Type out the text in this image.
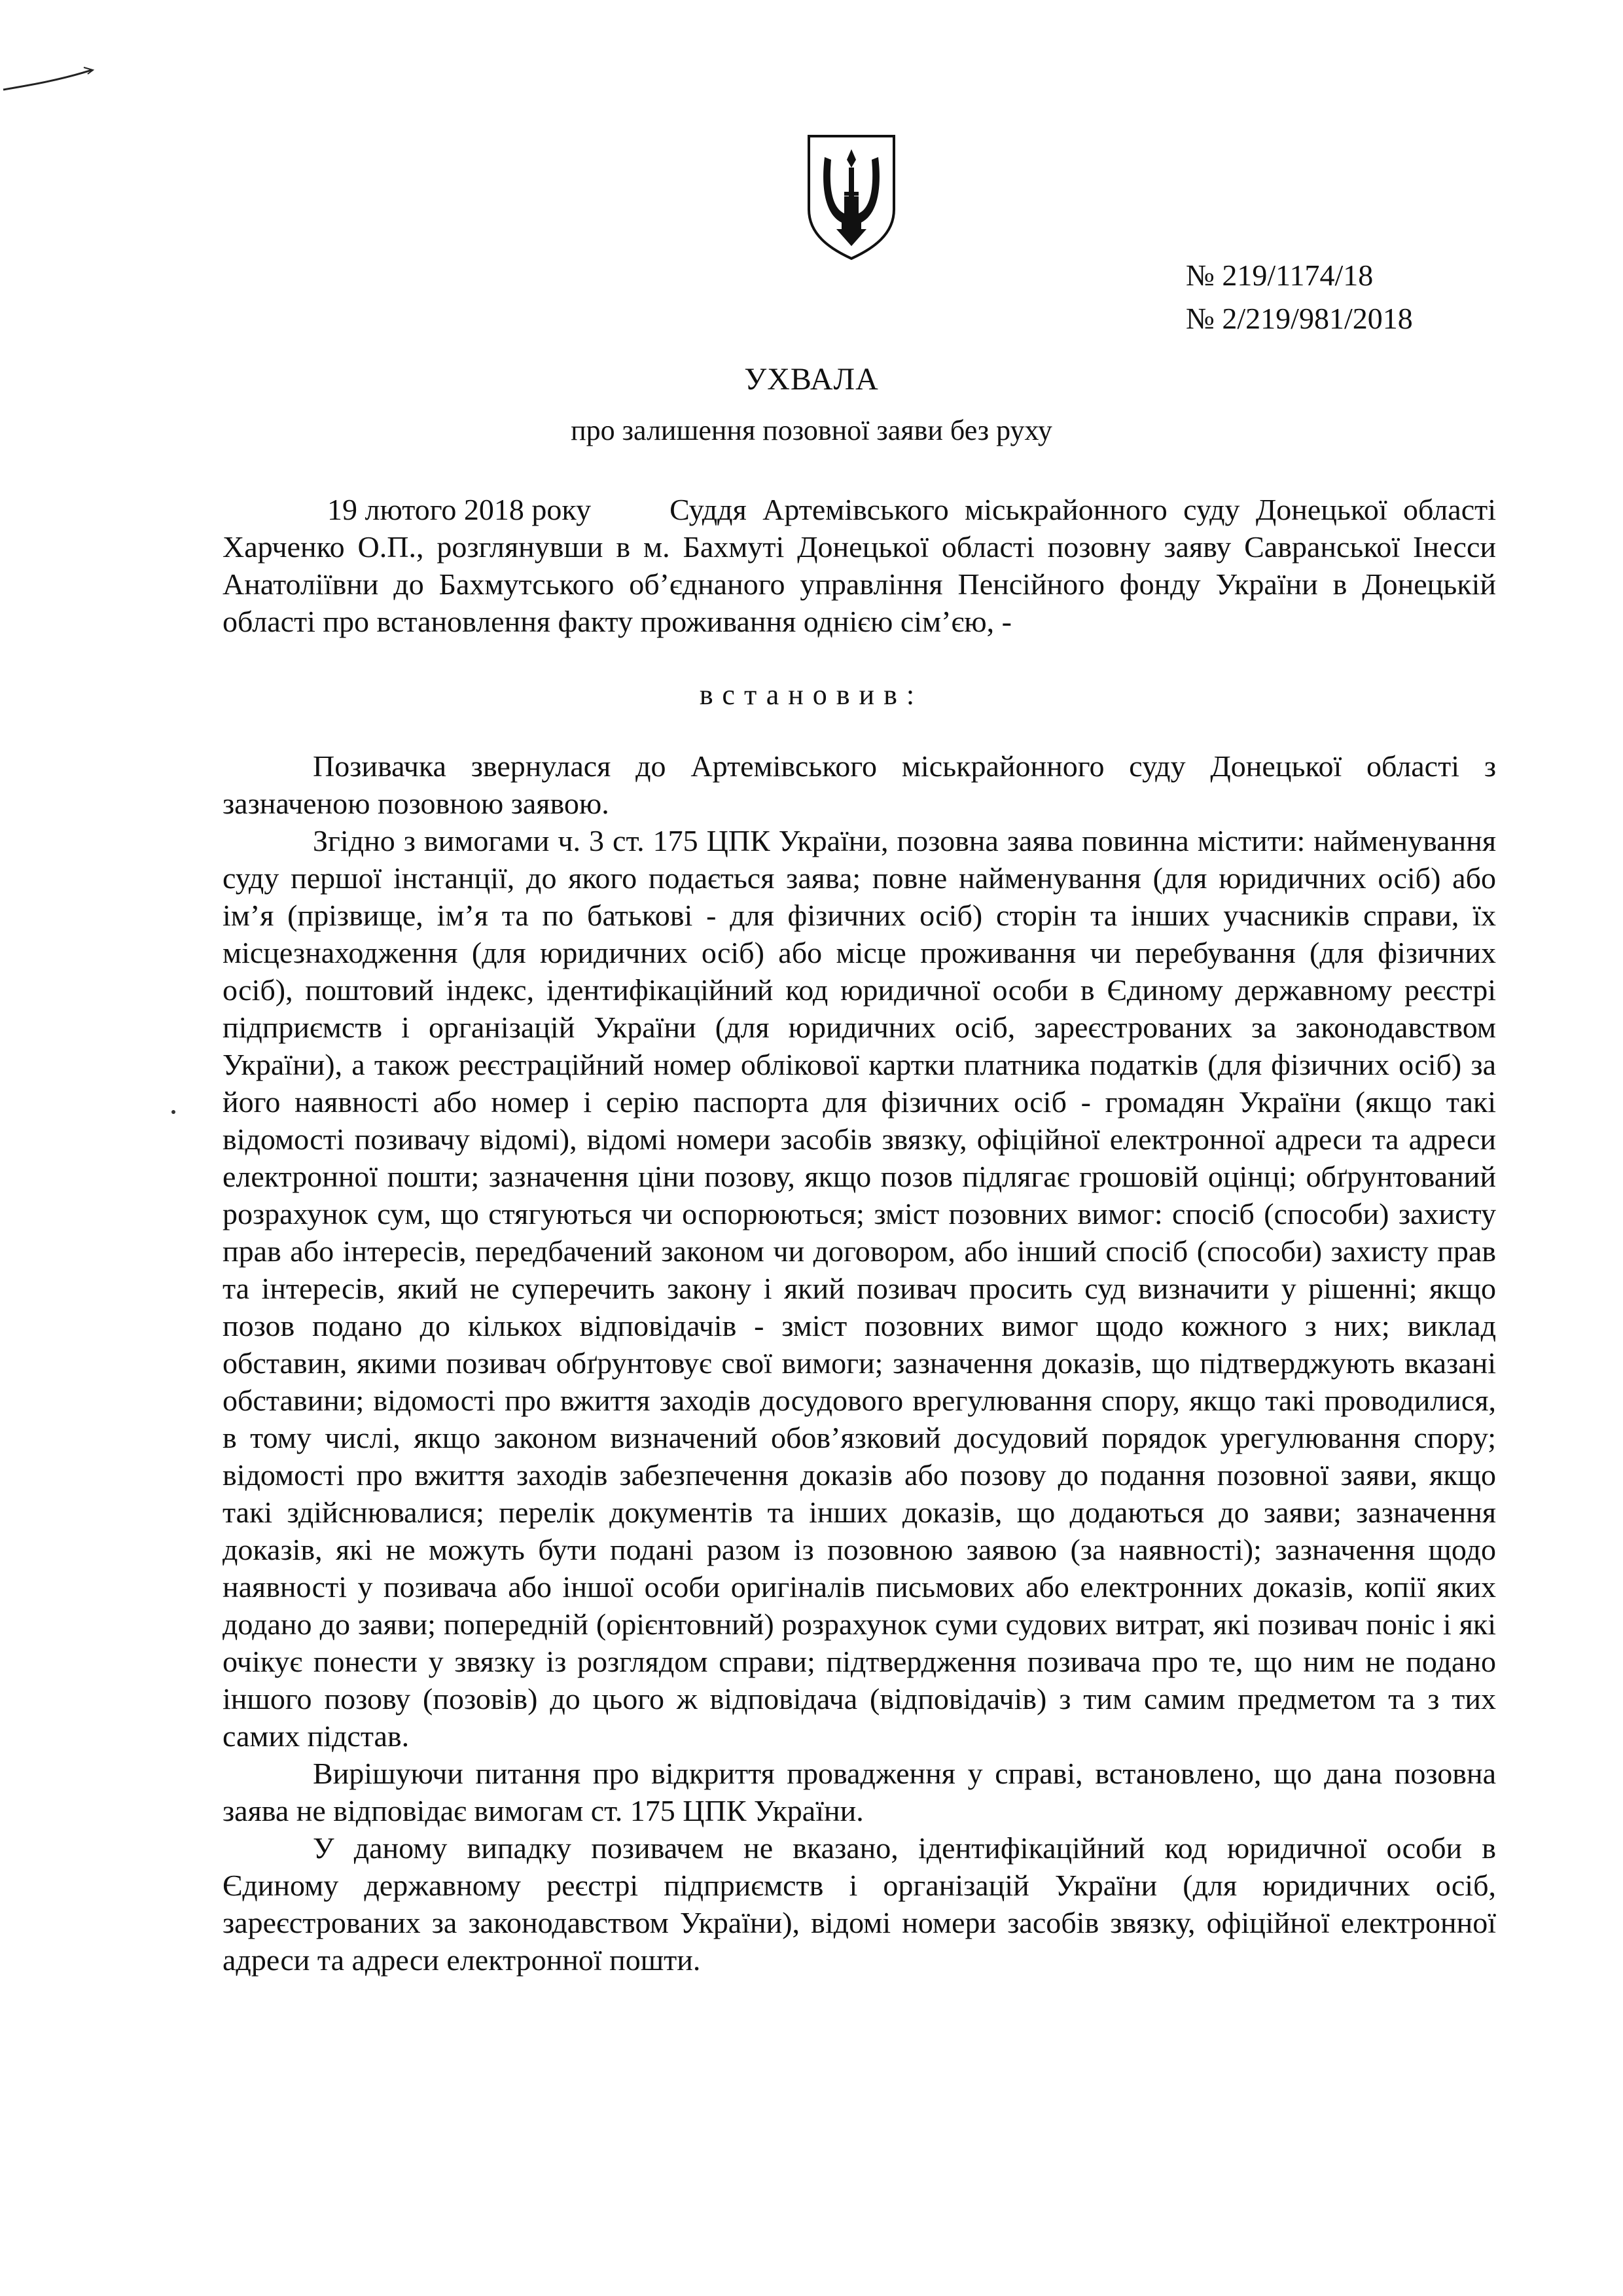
№ 219/1174/18
№ 2/219/981/2018
УХВАЛА
про залишення позовної заяви без руху
19 лютого 2018 року	Суддя Артемівського міськрайонного суду Донецької області Харченко О.П., розглянувши в м. Бахмуті Донецької області позовну заяву Савранської Інесси Анатоліївни до Бахмутського об’єднаного управління Пенсійного фонду України в Донецькій області про встановлення факту проживання однією сім’єю, -
встановив:

Позивачка звернулася до Артемівського міськрайонного суду Донецької області з зазначеною позовною заявою.

Згідно з вимогами ч. 3 ст. 175 ЦПК України, позовна заява повинна містити: найменування суду першої інстанції, до якого подається заява; повне найменування (для юридичних осіб) або ім’я (прізвище, ім’я та по батькові - для фізичних осіб) сторін та інших учасників справи, їх місцезнаходження (для юридичних осіб) або місце проживання чи перебування (для фізичних осіб), поштовий індекс, ідентифікаційний код юридичної особи в Єдиному державному реєстрі підприємств і організацій України (для юридичних осіб, зареєстрованих за законодавством України), а також реєстраційний номер облікової картки платника податків (для фізичних осіб) за його наявності або номер і серію паспорта для фізичних осіб - громадян України (якщо такі відомості позивачу відомі), відомі номери засобів звязку, офіційної електронної адреси та адреси електронної пошти; зазначення ціни позову, якщо позов підлягає грошовій оцінці; обґрунтований розрахунок сум, що стягуються чи оспорюються; зміст позовних вимог: спосіб (способи) захисту прав або інтересів, передбачений законом чи договором, або інший спосіб (способи) захисту прав та інтересів, який не суперечить закону і який позивач просить суд визначити у рішенні; якщо позов подано до кількох відповідачів - зміст позовних вимог щодо кожного з них; виклад обставин, якими позивач обґрунтовує свої вимоги; зазначення доказів, що підтверджують вказані обставини; відомості про вжиття заходів досудового врегулювання спору, якщо такі проводилися, в тому числі, якщо законом визначений обов’язковий досудовий порядок урегулювання спору; відомості про вжиття заходів забезпечення доказів або позову до подання позовної заяви, якщо такі здійснювалися; перелік документів та інших доказів, що додаються до заяви; зазначення доказів, які не можуть бути подані разом із позовною заявою (за наявності); зазначення щодо наявності у позивача або іншої особи оригіналів письмових або електронних доказів, копії яких додано до заяви; попередній (орієнтовний) розрахунок суми судових витрат, які позивач поніс і які очікує понести у звязку із розглядом справи; підтвердження позивача про те, що ним не подано іншого позову (позовів) до цього ж відповідача (відповідачів) з тим самим предметом та з тих самих підстав.

Вирішуючи питання про відкриття провадження у справі, встановлено, що дана позовна заява не відповідає вимогам ст. 175 ЦПК України.

У даному випадку позивачем не вказано, ідентифікаційний код юридичної особи в Єдиному державному реєстрі підприємств і організацій України (для юридичних осіб, зареєстрованих за законодавством України), відомі номери засобів звязку, офіційної електронної адреси та адреси електронної пошти.
